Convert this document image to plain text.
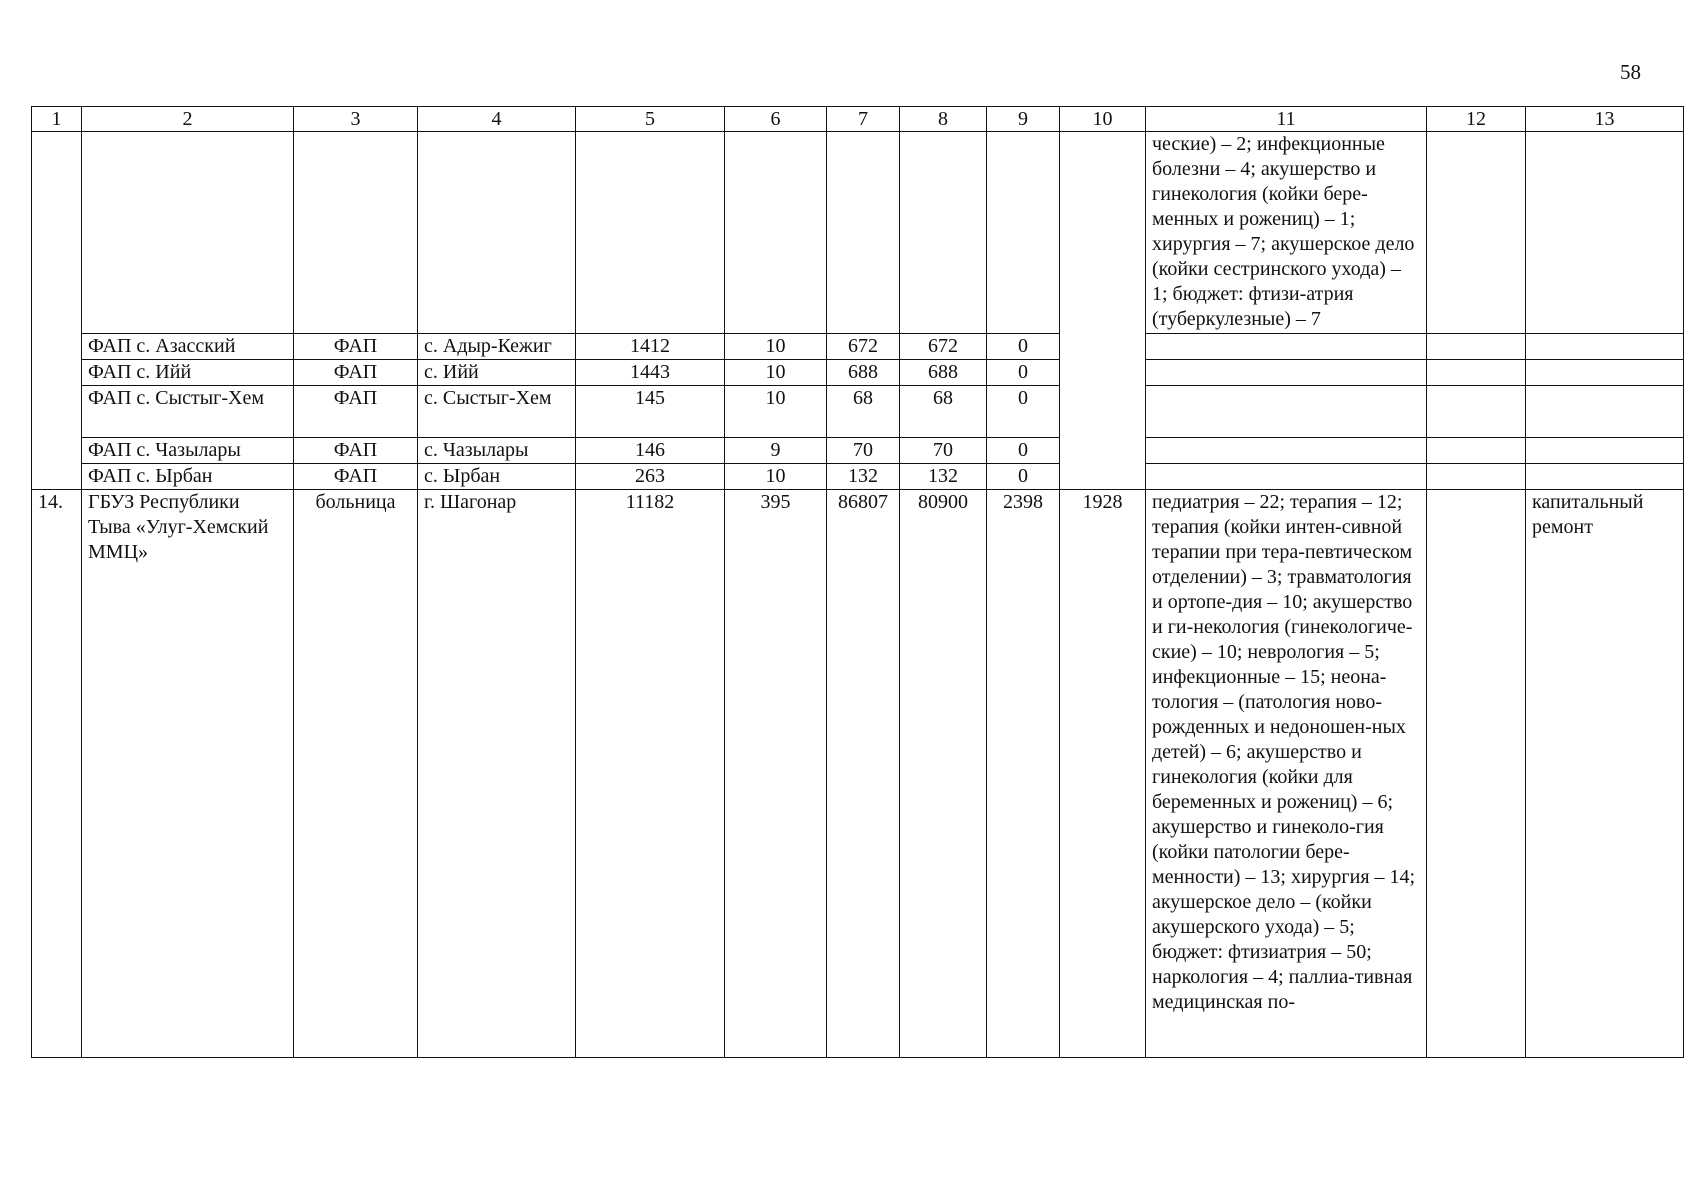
58
1	2	3	4	5	6	7	8	9	10	11	12	13
										ческие) – 2; инфекционные болезни – 4; акушерство и гинекология (койки бере-менных и рожениц) – 1; хирургия – 7; акушерское дело (койки сестринского ухода) – 1; бюджет: фтизи-атрия (туберкулезные) – 7		
	ФАП с. Азасский	ФАП	с. Адыр-Кежиг	1412	10	672	672	0				
	ФАП с. Ийй	ФАП	с. Ийй	1443	10	688	688	0				
	ФАП с. Сыстыг-Хем	ФАП	с. Сыстыг-Хем	145	10	68	68	0				
	ФАП с. Чазылары	ФАП	с. Чазылары	146	9	70	70	0				
	ФАП с. Ырбан	ФАП	с. Ырбан	263	10	132	132	0				
14.	ГБУЗ Республики Тыва «Улуг-Хемский ММЦ»	больница	г. Шагонар	11182	395	86807	80900	2398	1928	педиатрия – 22; терапия – 12; терапия (койки интен-сивной терапии при тера-певтическом отделении) – 3; травматология и ортопе-дия – 10; акушерство и ги-некология (гинекологиче-ские) – 10; неврология – 5; инфекционные – 15; неона-тология – (патология ново-рожденных и недоношен-ных детей) – 6; акушерство и гинекология (койки для беременных и рожениц) – 6; акушерство и гинеколо-гия (койки патологии бере-менности) – 13; хирургия – 14; акушерское дело – (койки акушерского ухода) – 5; бюджет: фтизиатрия – 50; наркология – 4; паллиа-тивная медицинская по-		капитальный ремонт
